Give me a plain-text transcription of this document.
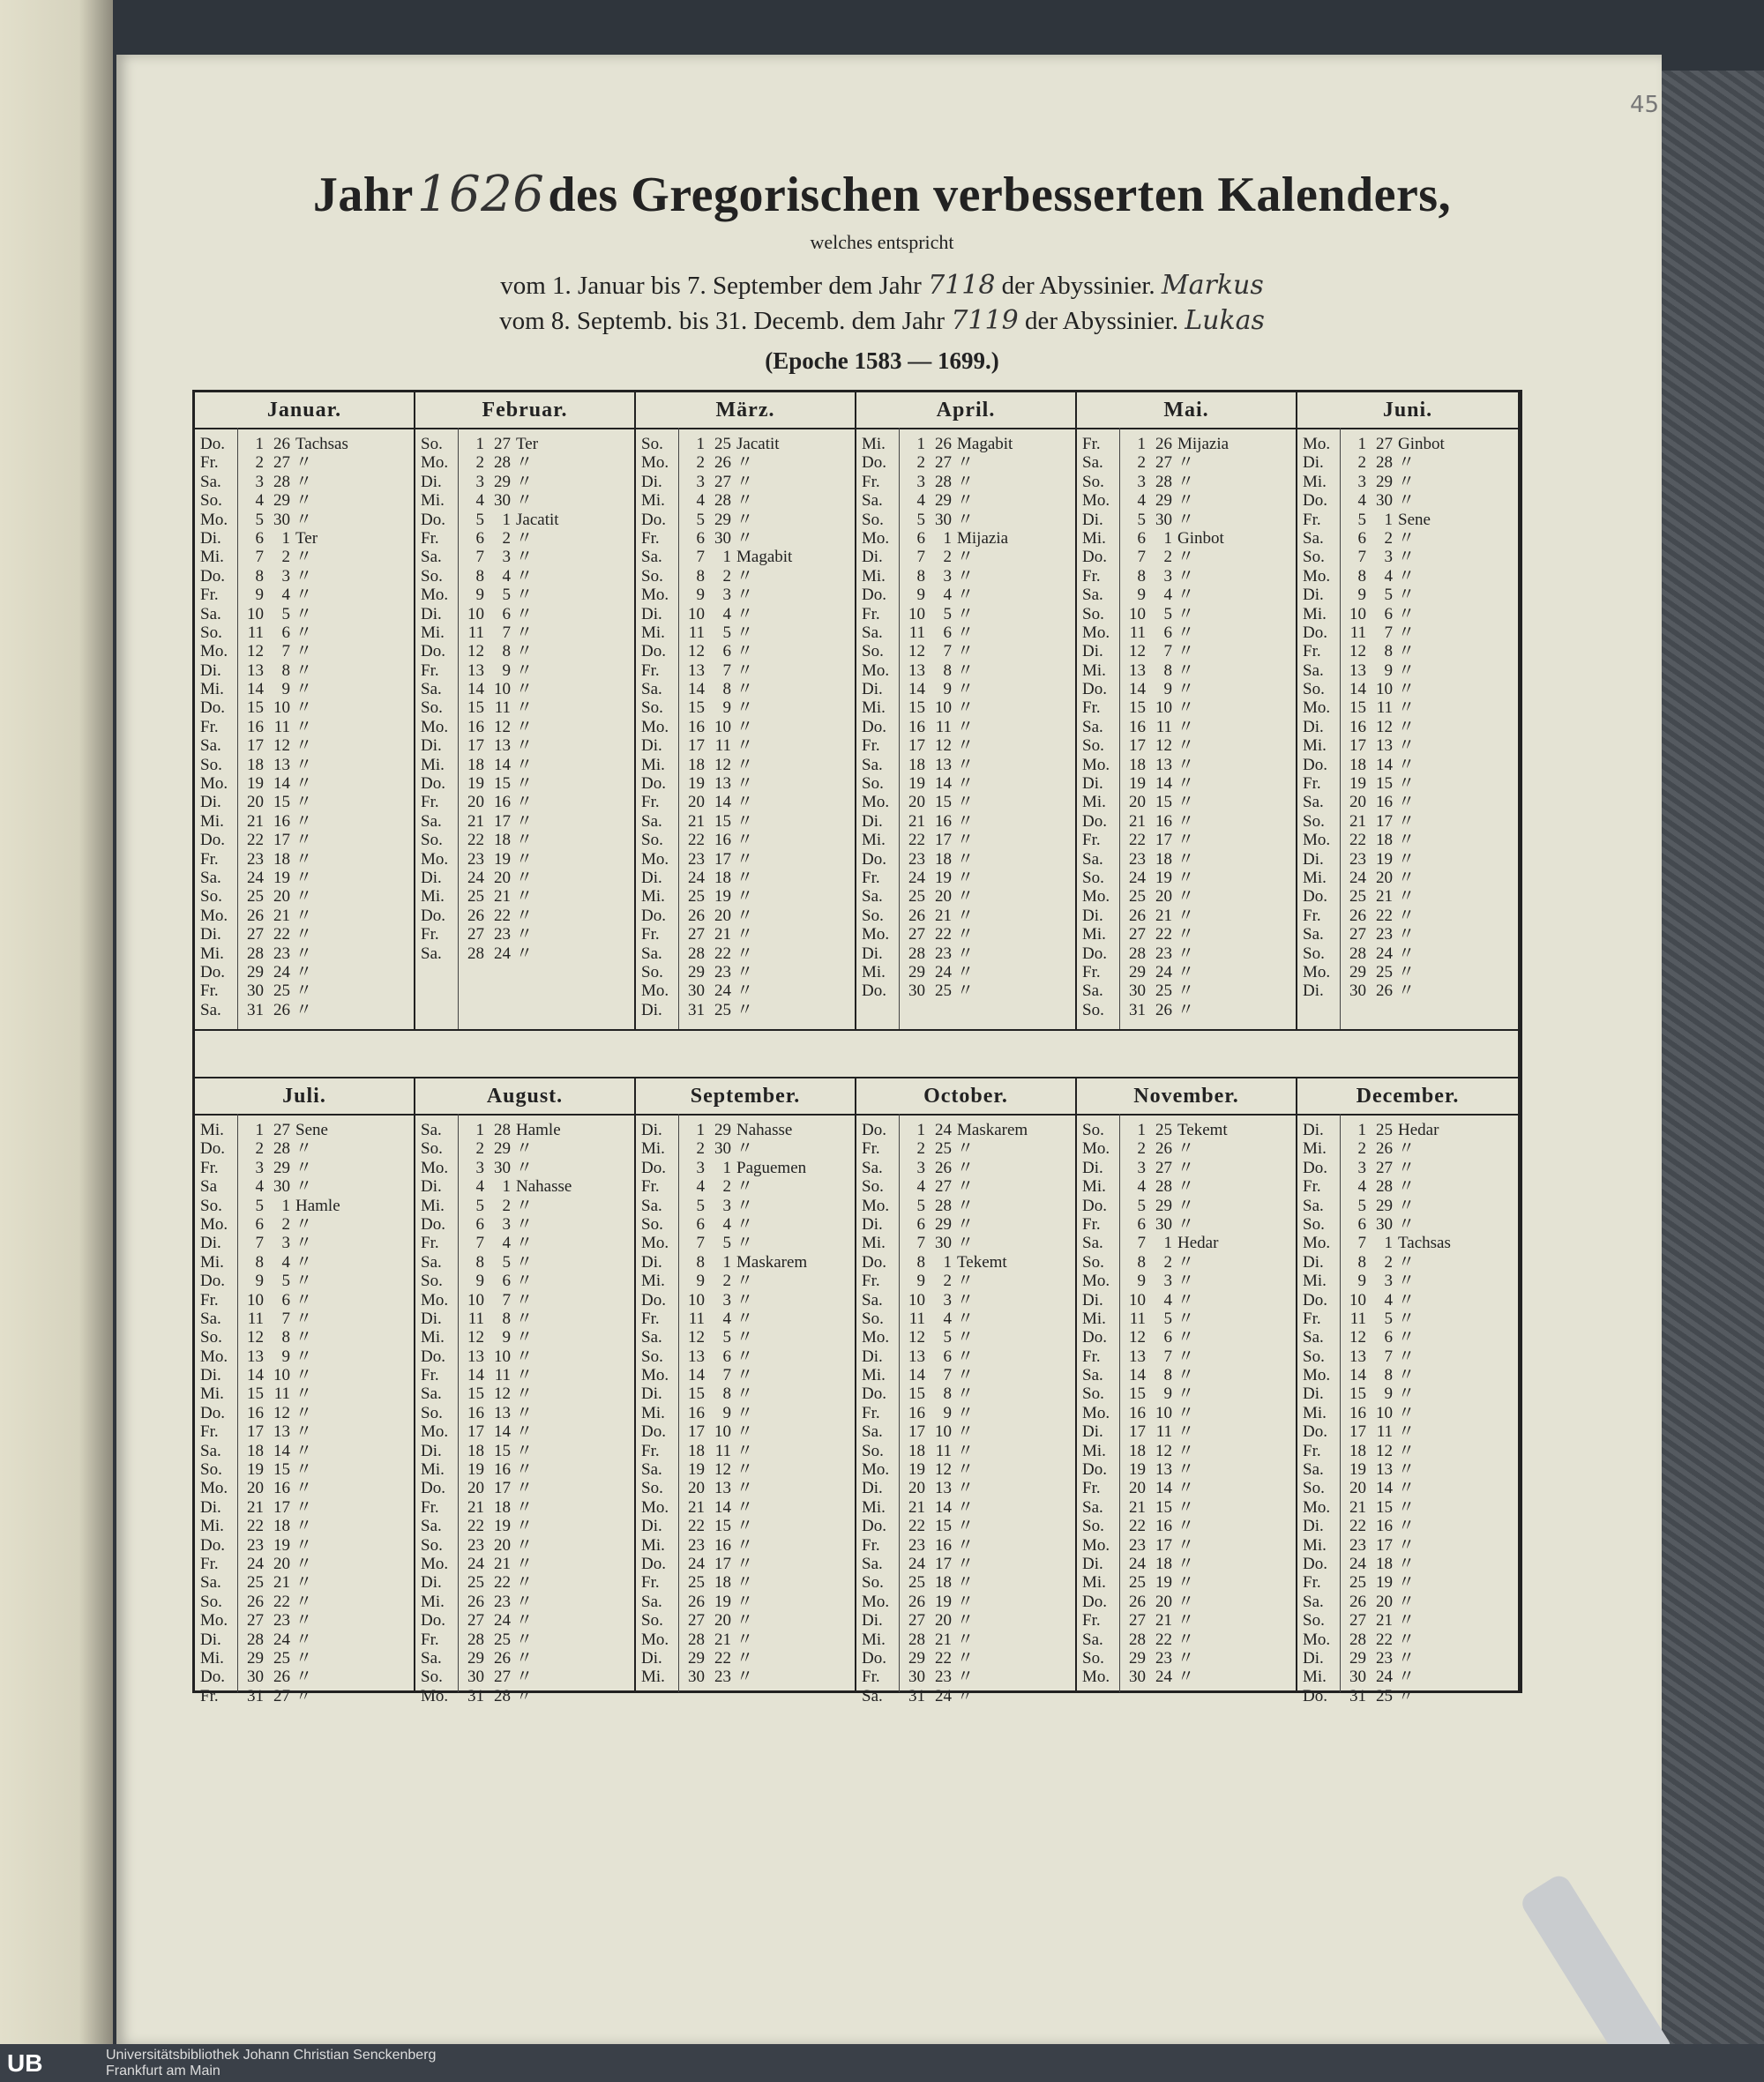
45
Jahr 1626 des Gregorischen verbesserten Kalenders,
welches entspricht
vom 1. Januar bis 7. September dem Jahr 7118 der Abyssinier. Markus
vom 8. Septemb. bis 31. Decemb. dem Jahr 7119 der Abyssinier. Lukas
(Epoche 1583 — 1699.)
Januar.
Do.	1 26 Tachsas
Fr.	2 27 〃
Sa.	3 28 〃
So.	4 29 〃
Mo.	5 30 〃
Di.	6	1 Ter
Mi.	7	2 〃
Do.	8	3 〃
Fr.	9	4 〃
Sa.	10	5 〃
So.	11	6 〃
Mo.	12	7 〃
Di.	13	8 〃
Mi.	14	9 〃
Do.	15 10 〃
Fr.	16 11 〃
Sa.	17 12 〃
So.	18 13 〃
Mo.	19 14 〃
Di.	20 15 〃
Mi.	21 16 〃
Do.	22 17 〃
Fr.	23 18 〃
Sa.	24 19 〃
So.	25 20 〃
Mo.	26 21 〃
Di.	27 22 〃
Mi.	28 23 〃
Do.	29 24 〃
Fr.	30 25 〃
Sa.	31 26 〃
Februar.
So.	1 27 Ter
Mo.	2 28 〃
Di.	3 29 〃
Mi.	4 30 〃
Do.	5	1 Jacatit
Fr.	6	2 〃
Sa.	7	3 〃
So.	8	4 〃
Mo.	9	5 〃
Di.	10	6 〃
Mi.	11	7 〃
Do.	12	8 〃
Fr.	13	9 〃
Sa.	14 10 〃
So.	15 11 〃
Mo.	16 12 〃
Di.	17 13 〃
Mi.	18 14 〃
Do.	19 15 〃
Fr.	20 16 〃
Sa.	21 17 〃
So.	22 18 〃
Mo.	23 19 〃
Di.	24 20 〃
Mi.	25 21 〃
Do.	26 22 〃
Fr.	27 23 〃
Sa.	28 24 〃
März.
So.	1 25 Jacatit
Mo.	2 26 〃
Di.	3 27 〃
Mi.	4 28 〃
Do.	5 29 〃
Fr.	6 30 〃
Sa.	7	1 Magabit
So.	8	2 〃
Mo.	9	3 〃
Di.	10	4 〃
Mi.	11	5 〃
Do.	12	6 〃
Fr.	13	7 〃
Sa.	14	8 〃
So.	15	9 〃
Mo.	16 10 〃
Di.	17 11 〃
Mi.	18 12 〃
Do.	19 13 〃
Fr.	20 14 〃
Sa.	21 15 〃
So.	22 16 〃
Mo.	23 17 〃
Di.	24 18 〃
Mi.	25 19 〃
Do.	26 20 〃
Fr.	27 21 〃
Sa.	28 22 〃
So.	29 23 〃
Mo.	30 24 〃
Di.	31 25 〃
April.
Mi.	1 26 Magabit
Do.	2 27 〃
Fr.	3 28 〃
Sa.	4 29 〃
So.	5 30 〃
Mo.	6	1 Mijazia
Di.	7	2 〃
Mi.	8	3 〃
Do.	9	4 〃
Fr.	10	5 〃
Sa.	11	6 〃
So.	12	7 〃
Mo.	13	8 〃
Di.	14	9 〃
Mi.	15 10 〃
Do.	16 11 〃
Fr.	17 12 〃
Sa.	18 13 〃
So.	19 14 〃
Mo.	20 15 〃
Di.	21 16 〃
Mi.	22 17 〃
Do.	23 18 〃
Fr.	24 19 〃
Sa.	25 20 〃
So.	26 21 〃
Mo.	27 22 〃
Di.	28 23 〃
Mi.	29 24 〃
Do.	30 25 〃
Mai.
Fr.	1 26 Mijazia
Sa.	2 27 〃
So.	3 28 〃
Mo.	4 29 〃
Di.	5 30 〃
Mi.	6	1 Ginbot
Do.	7	2 〃
Fr.	8	3 〃
Sa.	9	4 〃
So.	10	5 〃
Mo.	11	6 〃
Di.	12	7 〃
Mi.	13	8 〃
Do.	14	9 〃
Fr.	15 10 〃
Sa.	16 11 〃
So.	17 12 〃
Mo.	18 13 〃
Di.	19 14 〃
Mi.	20 15 〃
Do.	21 16 〃
Fr.	22 17 〃
Sa.	23 18 〃
So.	24 19 〃
Mo.	25 20 〃
Di.	26 21 〃
Mi.	27 22 〃
Do.	28 23 〃
Fr.	29 24 〃
Sa.	30 25 〃
So.	31 26 〃
Juni.
Mo.	1 27 Ginbot
Di.	2 28 〃
Mi.	3 29 〃
Do.	4 30 〃
Fr.	5	1 Sene
Sa.	6	2 〃
So.	7	3 〃
Mo.	8	4 〃
Di.	9	5 〃
Mi.	10	6 〃
Do.	11	7 〃
Fr.	12	8 〃
Sa.	13	9 〃
So.	14 10 〃
Mo.	15 11 〃
Di.	16 12 〃
Mi.	17 13 〃
Do.	18 14 〃
Fr.	19 15 〃
Sa.	20 16 〃
So.	21 17 〃
Mo.	22 18 〃
Di.	23 19 〃
Mi.	24 20 〃
Do.	25 21 〃
Fr.	26 22 〃
Sa.	27 23 〃
So.	28 24 〃
Mo.	29 25 〃
Di.	30 26 〃
Juli.
Mi.	1 27 Sene
Do.	2 28 〃
Fr.	3 29 〃
Sa	4 30 〃
So.	5	1 Hamle
Mo.	6	2 〃
Di.	7	3 〃
Mi.	8	4 〃
Do.	9	5 〃
Fr.	10	6 〃
Sa.	11	7 〃
So.	12	8 〃
Mo.	13	9 〃
Di.	14 10 〃
Mi.	15 11 〃
Do.	16 12 〃
Fr.	17 13 〃
Sa.	18 14 〃
So.	19 15 〃
Mo.	20 16 〃
Di.	21 17 〃
Mi.	22 18 〃
Do.	23 19 〃
Fr.	24 20 〃
Sa.	25 21 〃
So.	26 22 〃
Mo.	27 23 〃
Di.	28 24 〃
Mi.	29 25 〃
Do.	30 26 〃
Fr.	31 27 〃
August.
Sa.	1 28 Hamle
So.	2 29 〃
Mo.	3 30 〃
Di.	4	1 Nahasse
Mi.	5	2 〃
Do.	6	3 〃
Fr.	7	4 〃
Sa.	8	5 〃
So.	9	6 〃
Mo.	10	7 〃
Di.	11	8 〃
Mi.	12	9 〃
Do.	13 10 〃
Fr.	14 11 〃
Sa.	15 12 〃
So.	16 13 〃
Mo.	17 14 〃
Di.	18 15 〃
Mi.	19 16 〃
Do.	20 17 〃
Fr.	21 18 〃
Sa.	22 19 〃
So.	23 20 〃
Mo.	24 21 〃
Di.	25 22 〃
Mi.	26 23 〃
Do.	27 24 〃
Fr.	28 25 〃
Sa.	29 26 〃
So.	30 27 〃
Mo.	31 28 〃
September.
Di.	1 29 Nahasse
Mi.	2 30 〃
Do.	3	1 Paguemen
Fr.	4	2 〃
Sa.	5	3 〃
So.	6	4 〃
Mo.	7	5 〃
Di.	8	1 Maskarem
Mi.	9	2 〃
Do.	10	3 〃
Fr.	11	4 〃
Sa.	12	5 〃
So.	13	6 〃
Mo.	14	7 〃
Di.	15	8 〃
Mi.	16	9 〃
Do.	17 10 〃
Fr.	18 11 〃
Sa.	19 12 〃
So.	20 13 〃
Mo.	21 14 〃
Di.	22 15 〃
Mi.	23 16 〃
Do.	24 17 〃
Fr.	25 18 〃
Sa.	26 19 〃
So.	27 20 〃
Mo.	28 21 〃
Di.	29 22 〃
Mi.	30 23 〃
October.
Do.	1 24 Maskarem
Fr.	2 25 〃
Sa.	3 26 〃
So.	4 27 〃
Mo.	5 28 〃
Di.	6 29 〃
Mi.	7 30 〃
Do.	8	1 Tekemt
Fr.	9	2 〃
Sa.	10	3 〃
So.	11	4 〃
Mo.	12	5 〃
Di.	13	6 〃
Mi.	14	7 〃
Do.	15	8 〃
Fr.	16	9 〃
Sa.	17 10 〃
So.	18 11 〃
Mo.	19 12 〃
Di.	20 13 〃
Mi.	21 14 〃
Do.	22 15 〃
Fr.	23 16 〃
Sa.	24 17 〃
So.	25 18 〃
Mo.	26 19 〃
Di.	27 20 〃
Mi.	28 21 〃
Do.	29 22 〃
Fr.	30 23 〃
Sa.	31 24 〃
November.
So.	1 25 Tekemt
Mo.	2 26 〃
Di.	3 27 〃
Mi.	4 28 〃
Do.	5 29 〃
Fr.	6 30 〃
Sa.	7	1 Hedar
So.	8	2 〃
Mo.	9	3 〃
Di.	10	4 〃
Mi.	11	5 〃
Do.	12	6 〃
Fr.	13	7 〃
Sa.	14	8 〃
So.	15	9 〃
Mo.	16 10 〃
Di.	17 11 〃
Mi.	18 12 〃
Do.	19 13 〃
Fr.	20 14 〃
Sa.	21 15 〃
So.	22 16 〃
Mo.	23 17 〃
Di.	24 18 〃
Mi.	25 19 〃
Do.	26 20 〃
Fr.	27 21 〃
Sa.	28 22 〃
So.	29 23 〃
Mo.	30 24 〃
December.
Di.	1 25 Hedar
Mi.	2 26 〃
Do.	3 27 〃
Fr.	4 28 〃
Sa.	5 29 〃
So.	6 30 〃
Mo.	7	1 Tachsas
Di.	8	2 〃
Mi.	9	3 〃
Do.	10	4 〃
Fr.	11	5 〃
Sa.	12	6 〃
So.	13	7 〃
Mo.	14	8 〃
Di.	15	9 〃
Mi.	16 10 〃
Do.	17 11 〃
Fr.	18 12 〃
Sa.	19 13 〃
So.	20 14 〃
Mo.	21 15 〃
Di.	22 16 〃
Mi.	23 17 〃
Do.	24 18 〃
Fr.	25 19 〃
Sa.	26 20 〃
So.	27 21 〃
Mo.	28 22 〃
Di.	29 23 〃
Mi.	30 24 〃
Do.	31 25 〃
UB	Universitätsbibliothek Johann Christian Senckenberg
Frankfurt am Main
